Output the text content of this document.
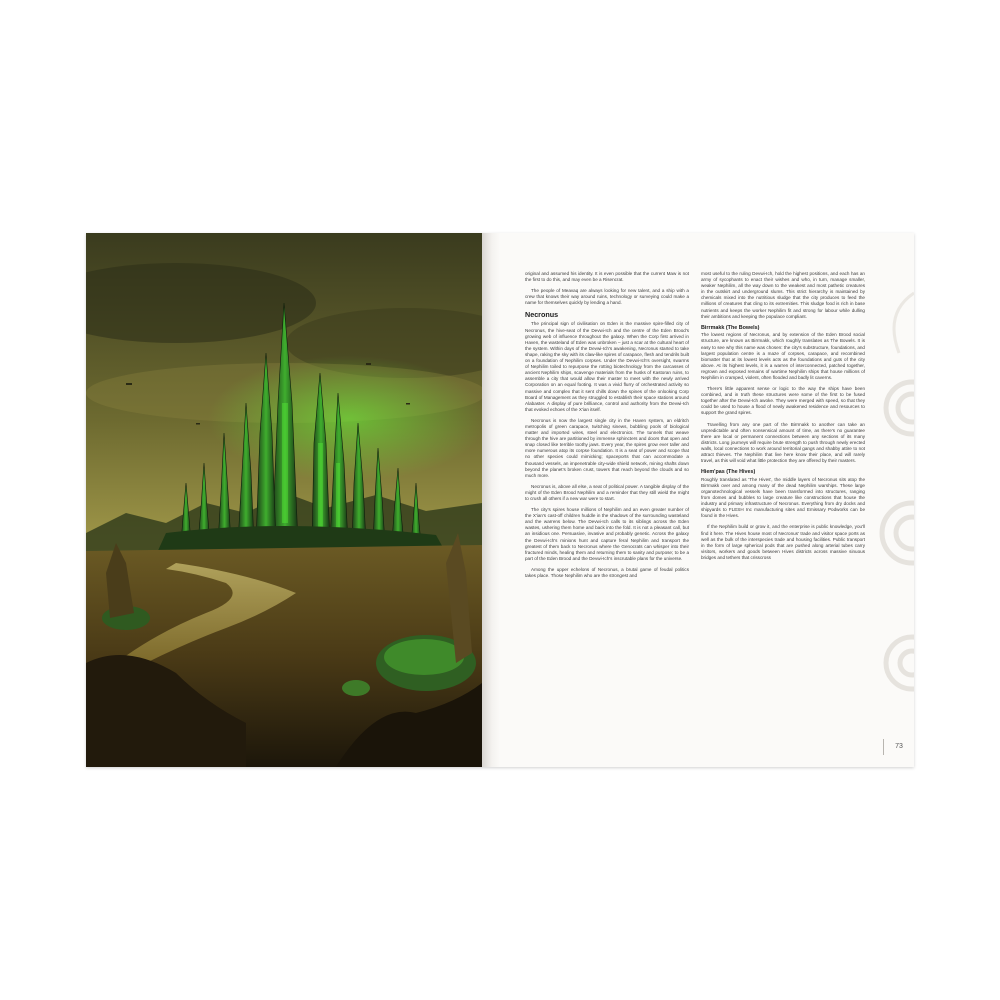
original and assumed his identity. It is even possible that the current Maw is not the first to do this, and may even be a Risencrat.

The people of Meavaq are always looking for new talent, and a ship with a crew that knows their way around ruins, technology or surveying could make a name for themselves quickly by lending a hand.

Necronus

The principal sign of civilisation on Eden is the massive spire-filled city of Necronus, the hive-seat of the Devwi-Ich and the centre of the Eden Brood's growing web of influence throughout the galaxy. When the Corp first arrived in Haven, the wasteland of Eden was unbroken – just a scar at the cultural heart of the system. Within days of the Devwi-Ich's awakening, Necronus started to take shape, raking the sky with its claw-like spires of carapace, flesh and tendrils built on a foundation of Nephilim corpses. Under the Devwi-Ich's oversight, swarms of Nephilim toiled to repurpose the rotting biotechnology from the carcasses of ancient Nephilim ships, scavenge materials from the husks of Kastoran ruins, to assemble a city that would allow their master to meet with the newly arrived Corporation on an equal footing. It was a vivid flurry of orchestrated activity so massive and complex that it sent chills down the spines of the onlooking Corp Board of Management as they struggled to establish their space stations around Alabaster. A display of pure brilliance, control and authority from the Devwi-Ich that evoked echoes of the X'ian itself.

Necronus is now the largest single city in the Haven system, an eldritch metropolis of green carapace, twitching sinews, bubbling pools of biological matter and imported wires, steel and electronics. The tunnels that weave through the hive are partitioned by immense sphincters and doors that open and snap closed like terrible toothy jaws. Every year, the spires grow ever taller and more numerous atop its corpse foundation. It is a seat of power and scope that no other species could mimicking; spaceports that can accommodate a thousand vessels, an impenetrable city-wide shield network, mining shafts down beyond the planet's broken crust, towers that reach beyond the clouds and so much more.

Necronus is, above all else, a seat of political power. A tangible display of the might of the Eden Brood Nephilim and a reminder that they still wield the might to crush all others if a new war were to start.

The city's spires house millions of Nephilim and an even greater number of the X'ian's cast-off children huddle in the shadows of the surrounding wasteland and the warrens below. The Devwi-Ich calls to its siblings across the Eden wastes, ushering them home and back into the fold. It is not a pleasant call, but an insidious one. Persuasive, invasive and probably genetic. Across the galaxy the Devwi-Ich's minions hunt and capture feral Nephilim and transport the greatest of them back to Necronus where the Genocrats can whisper into their fractured minds, healing them and returning them to sanity and purpose; to be a part of the Eden Brood and the Devwi-Ich's inscrutable plans for the universe.

Among the upper echelons of Necronus, a brutal game of feudal politics takes place. Those Nephilim who are the strongest and

most useful to the ruling Devwi-Ich, hold the highest positions, and each has an army of sycophants to enact their wishes and who, in turn, manage smaller, weaker Nephilim, all the way down to the weakest and most pathetic creatures in the outskirt and underground slums. This strict hierarchy is maintained by chemicals mixed into the nutritious sludge that the city produces to feed the millions of creatures that cling to its extremities. This sludge food is rich in base nutrients and keeps the worker Nephilim fit and strong for labour while dulling their ambitions and keeping the populace compliant.

Birrmakk (The Bowels)

The lowest regions of Necronus, and by extension of the Eden Brood social structure, are known as Birrmakk, which roughly translates as The Bowels. It is easy to see why this name was chosen: the city's substructure, foundations, and largest population centre is a maze of corpses, carapace, and recombined biomatter that at its lowest levels acts as the foundations and guts of the city above. At its highest levels, it is a warren of interconnected, patched together, regrown and exposed remains of wartime Nephilim ships that house millions of Nephilim in cramped, violent, often flooded and badly lit caverns.

There's little apparent sense or logic to the way the ships have been combined, and in truth these structures were some of the first to be fused together after the Devwi-Ich awoke. They were merged with speed, so that they could be used to house a flood of newly awakened residence and resources to support the grand spires.

Travelling from any one part of the Birrmakk to another can take an unpredictable and often nonsensical amount of time, as there's no guarantee there are local or permanent connections between any sections of its many districts. Long journeys will require brute strength to push through newly erected walls, local connections to work around territorial gangs and shabby attire to not attract thieves. The Nephilim that live here know their place, and will rarely travel, as this will void what little protection they are offered by their masters.

Hiem'pas (The Hives)

Roughly translated as 'The Hives', the middle layers of Necronus sits atop the Birrmakk over and among many of the dead Nephilim warships. These large organotechnological vessels have been transformed into structures, ranging from domes and bubbles to large creature like constructions that house the industry and primary infrastructure of Necronus. Everything from dry docks and shipyards to FLESH Inc manufacturing sites and Emissary Podworks can be found in the Hives.

If the Nephilim build or grow it, and the enterprise is public knowledge, you'll find it here. The Hives house most of Necronus' trade and visitor space ports as well as the bulk of the interspecies trade and housing facilities. Public transport in the form of large spherical pods that are pushed along arterial tubes carry visitors, workers and goods between Hives districts across massive sinuous bridges and tethers that crisscross

73
